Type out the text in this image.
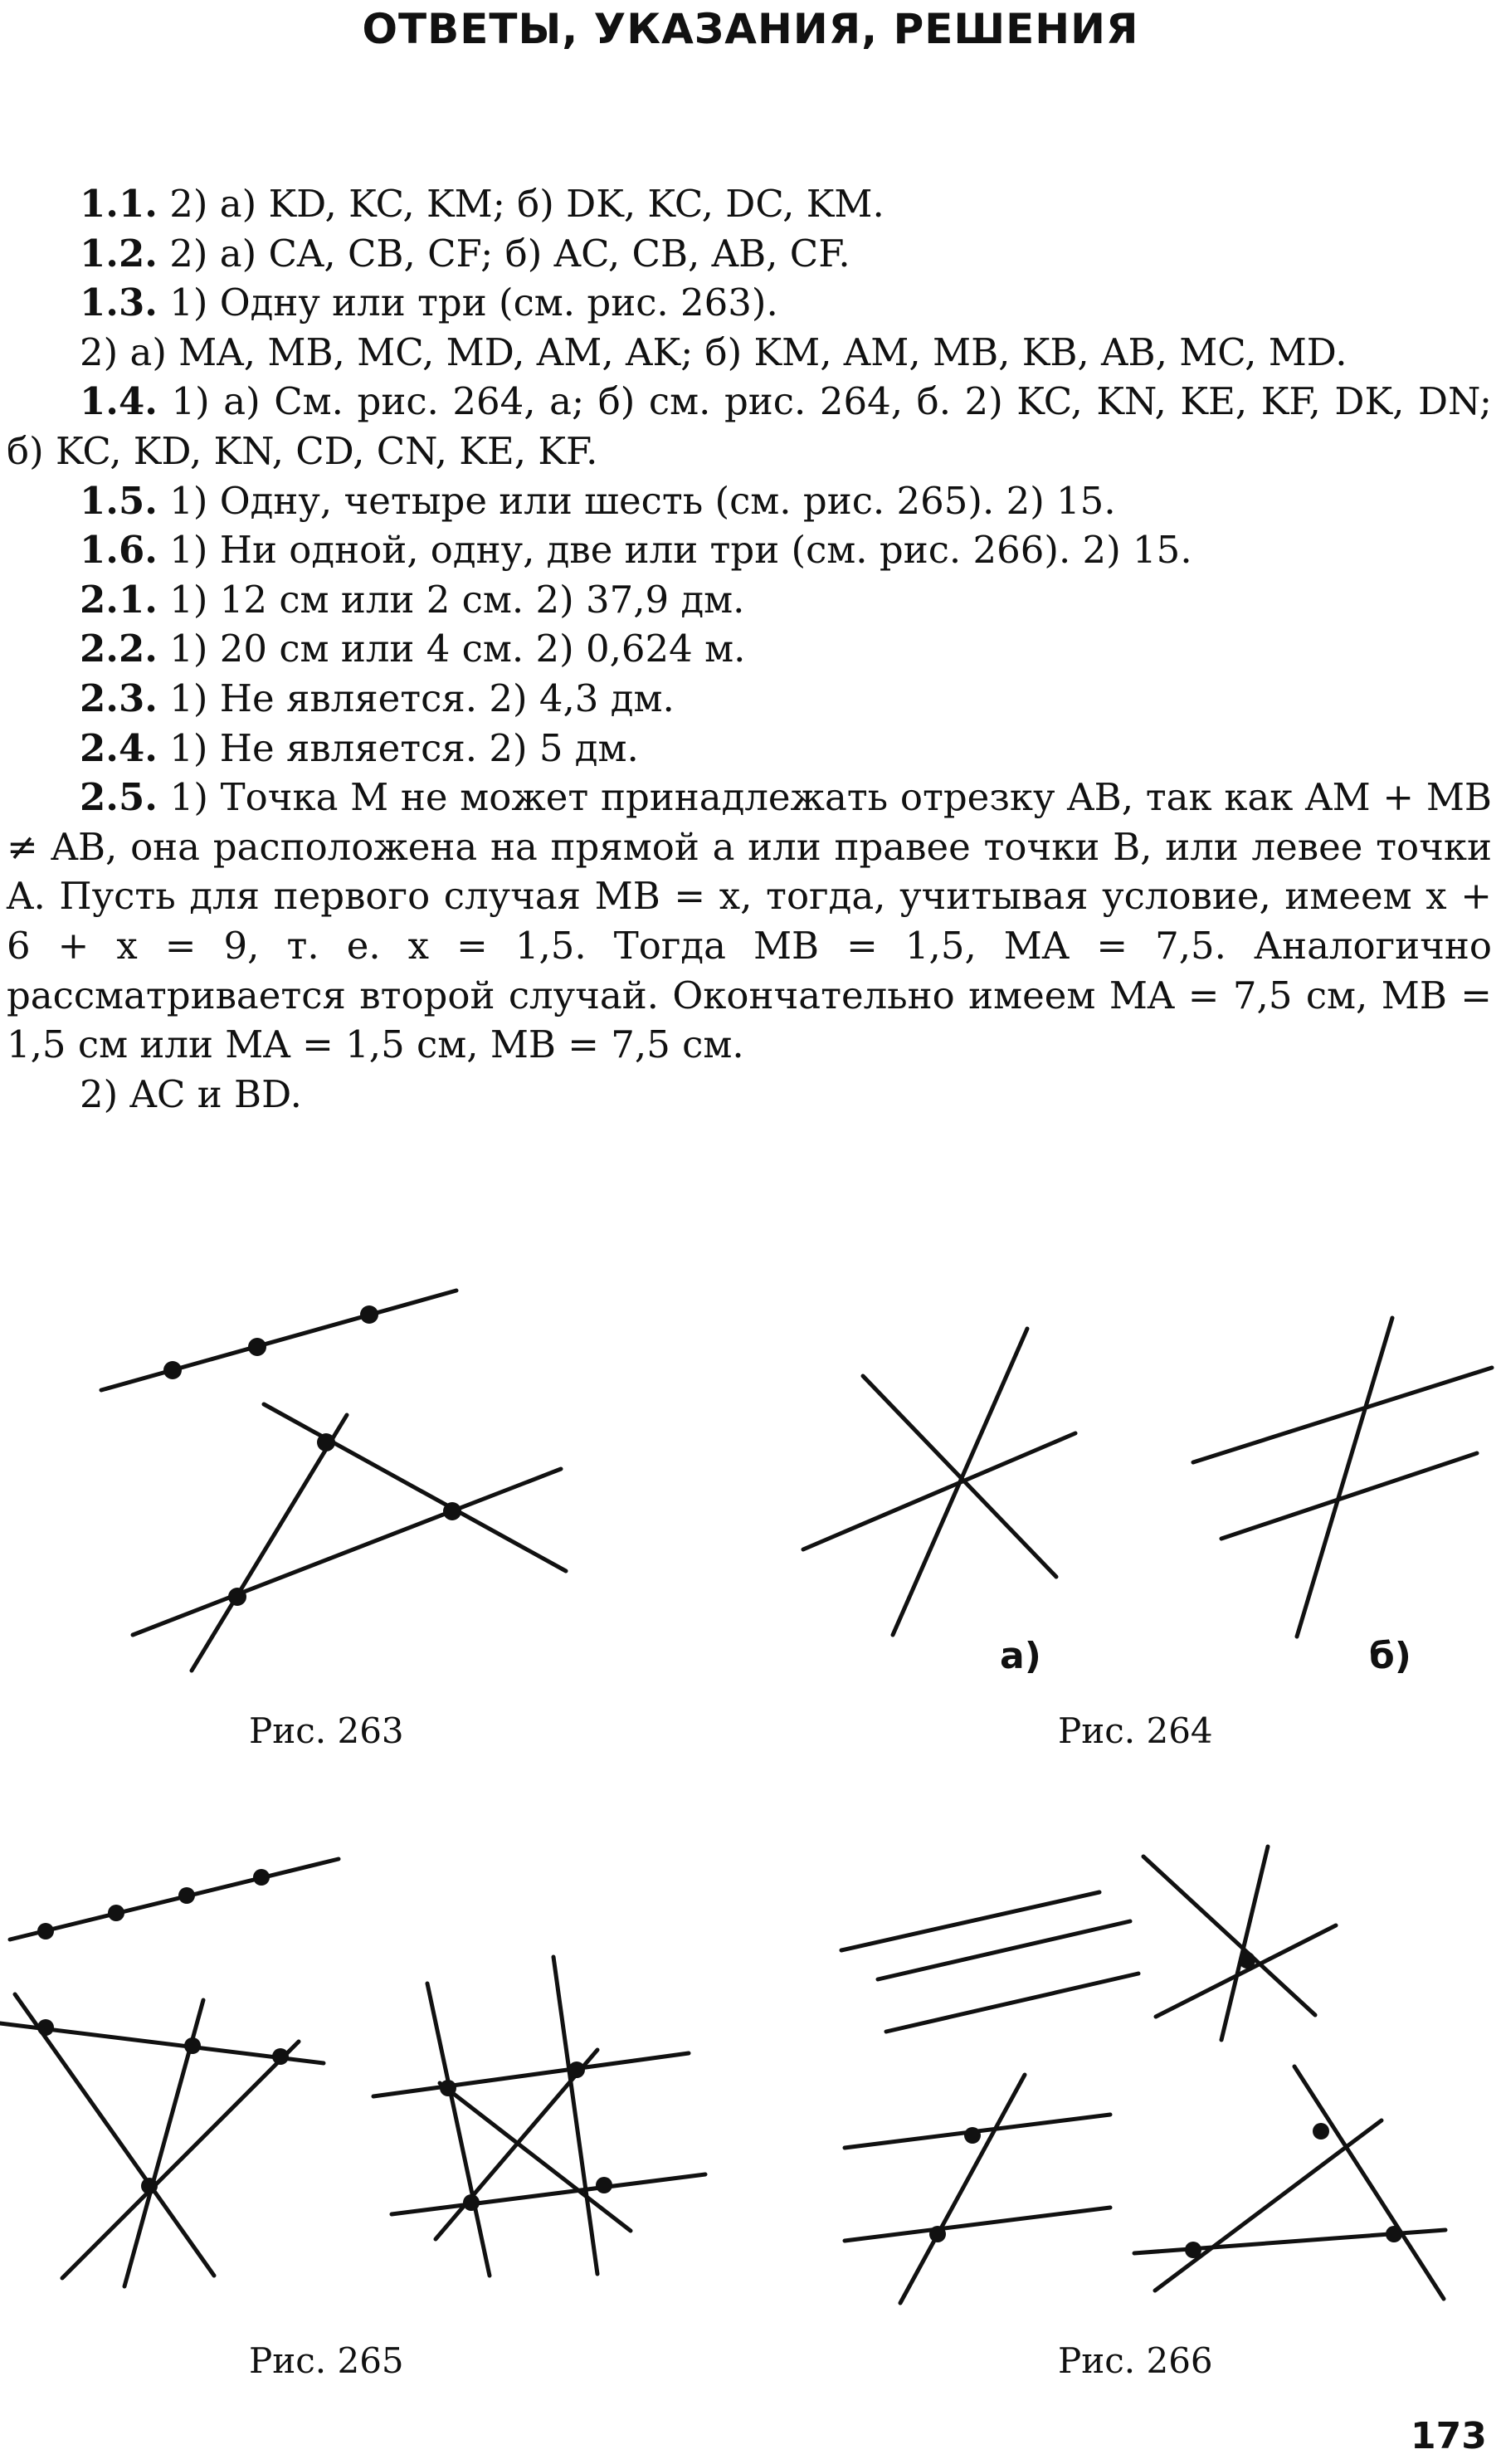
ОТВЕТЫ, УКАЗАНИЯ, РЕШЕНИЯ
1.1. 2) а) KD, KC, KM; б) DK, KC, DC, KM.
1.2. 2) а) CA, CB, CF; б) AC, CB, AB, CF.
1.3. 1) Одну или три (см. рис. 263).
2) а) MA, MB, MC, MD, AM, AK; б) KM, AM, MB, KB, AB, MC, MD.
1.4. 1) а) См. рис. 264, а; б) см. рис. 264, б. 2) KC, KN, KE, KF, DK, DN; б) KC, KD, KN, CD, CN, KE, KF.
1.5. 1) Одну, четыре или шесть (см. рис. 265). 2) 15.
1.6. 1) Ни одной, одну, две или три (см. рис. 266). 2) 15.
2.1. 1) 12 см или 2 см. 2) 37,9 дм.
2.2. 1) 20 см или 4 см. 2) 0,624 м.
2.3. 1) Не является. 2) 4,3 дм.
2.4. 1) Не является. 2) 5 дм.
2.5. 1) Точка M не может принадлежать отрезку AB, так как AM + MB ≠ AB, она расположена на прямой a или правее точки B, или левее точки A. Пусть для первого случая MB = x, тогда, учитывая условие, имеем x + 6 + x = 9, т. е. x = 1,5. Тогда MB = 1,5, MA = 7,5. Аналогично рассматривается второй случай. Окончательно имеем MA = 7,5 см, MB = 1,5 см или MA = 1,5 см, MB = 7,5 см.
2) AC и BD.
Рис. 263
а)	б)
Рис. 264
Рис. 265	Рис. 266
173
